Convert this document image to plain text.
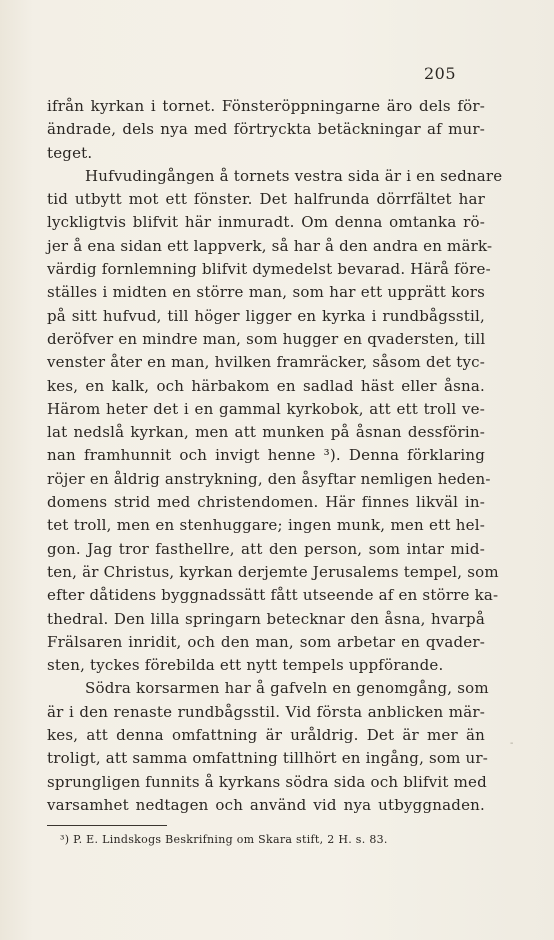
205
ifrån kyrkan i tornet. Fönsteröppningarne äro dels för-
ändrade, dels nya med förtryckta betäckningar af mur-
teget.
Hufvudingången å tornets vestra sida är i en sednare
tid utbytt mot ett fönster. Det halfrunda dörrfältet har
lyckligtvis blifvit här inmuradt. Om denna omtanka rö-
jer å ena sidan ett lappverk, så har å den andra en märk-
värdig fornlemning blifvit dymedelst bevarad. Härå före-
ställes i midten en större man, som har ett upprätt kors
på sitt hufvud, till höger ligger en kyrka i rundbågsstil,
deröfver en mindre man, som hugger en qvadersten, till
venster åter en man, hvilken framräcker, såsom det tyc-
kes, en kalk, och härbakom en sadlad häst eller åsna.
Härom heter det i en gammal kyrkobok, att ett troll ve-
lat nedslå kyrkan, men att munken på åsnan dessförin-
nan framhunnit och invigt henne ³). Denna förklaring
röjer en åldrig anstrykning, den åsyftar nemligen heden-
domens strid med christendomen. Här finnes likväl in-
tet troll, men en stenhuggare; ingen munk, men ett hel-
gon. Jag tror fasthellre, att den person, som intar mid-
ten, är Christus, kyrkan derjemte Jerusalems tempel, som
efter dåtidens byggnadssätt fått utseende af en större ka-
thedral. Den lilla springarn betecknar den åsna, hvarpå
Frälsaren inridit, och den man, som arbetar en qvader-
sten, tyckes förebilda ett nytt tempels uppförande.
Södra korsarmen har å gafveln en genomgång, som
är i den renaste rundbågsstil. Vid första anblicken mär-
kes, att denna omfattning är uråldrig. Det är mer än
troligt, att samma omfattning tillhört en ingång, som ur-
sprungligen funnits å kyrkans södra sida och blifvit med
varsamhet nedtagen och använd vid nya utbyggnaden.
³) P. E. Lindskogs Beskrifning om Skara stift, 2 H. s. 83.
-
